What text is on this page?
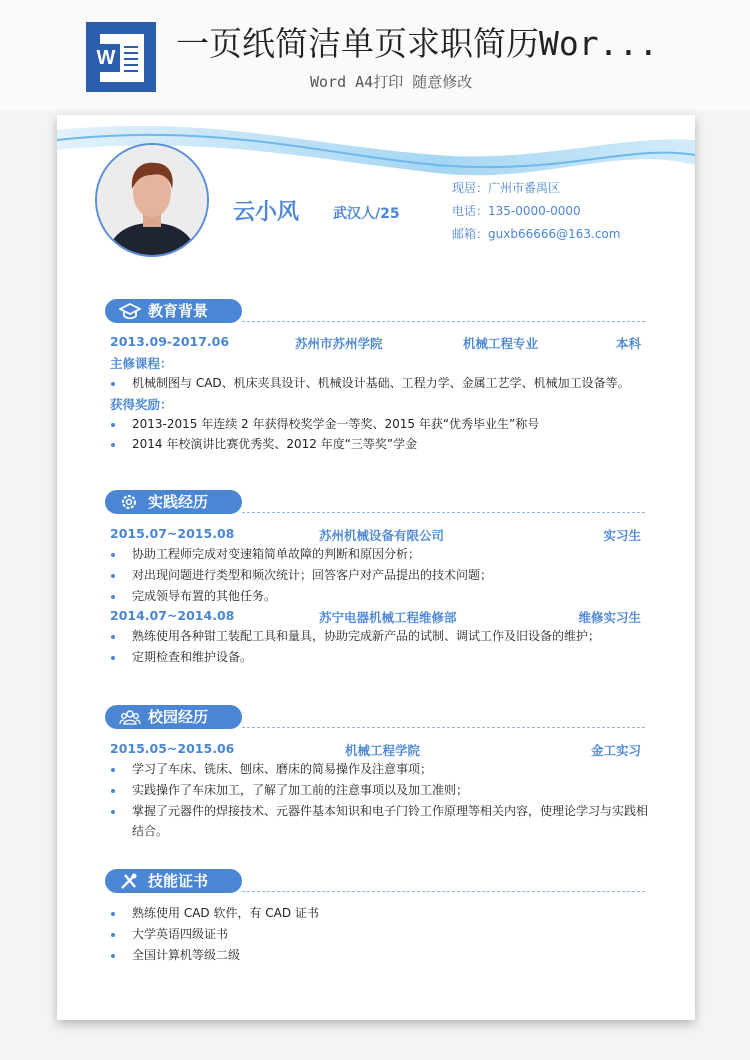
W 一页纸简洁单页求职简历Wor...
Word A4打印 随意修改
云小风 武汉人/25
现居：广州市番禺区
电话：135-0000-0000
邮箱：guxb66666@163.com
教育背景
2013.09-2017.06	苏州市苏州学院	机械工程专业	本科
主修课程：
机械制图与 CAD、机床夹具设计、机械设计基础、工程力学、金属工艺学、机械加工设备等。
获得奖励：
2013-2015 年连续 2 年获得校奖学金一等奖、2015 年获“优秀毕业生”称号
2014 年校演讲比赛优秀奖、2012 年度“三等奖”学金
实践经历
2015.07~2015.08	苏州机械设备有限公司	实习生
协助工程师完成对变速箱简单故障的判断和原因分析；
对出现问题进行类型和频次统计；回答客户对产品提出的技术问题；
完成领导布置的其他任务。
2014.07~2014.08	苏宁电器机械工程维修部	维修实习生
熟练使用各种钳工装配工具和量具，协助完成新产品的试制、调试工作及旧设备的维护；
定期检查和维护设备。
校园经历
2015.05~2015.06	机械工程学院	金工实习
学习了车床、铣床、刨床、磨床的简易操作及注意事项；
实践操作了车床加工，了解了加工前的注意事项以及加工准则；
掌握了元器件的焊接技术、元器件基本知识和电子门铃工作原理等相关内容，使理论学习与实践相
结合。
技能证书
熟练使用 CAD 软件，有 CAD 证书
大学英语四级证书
全国计算机等级二级
